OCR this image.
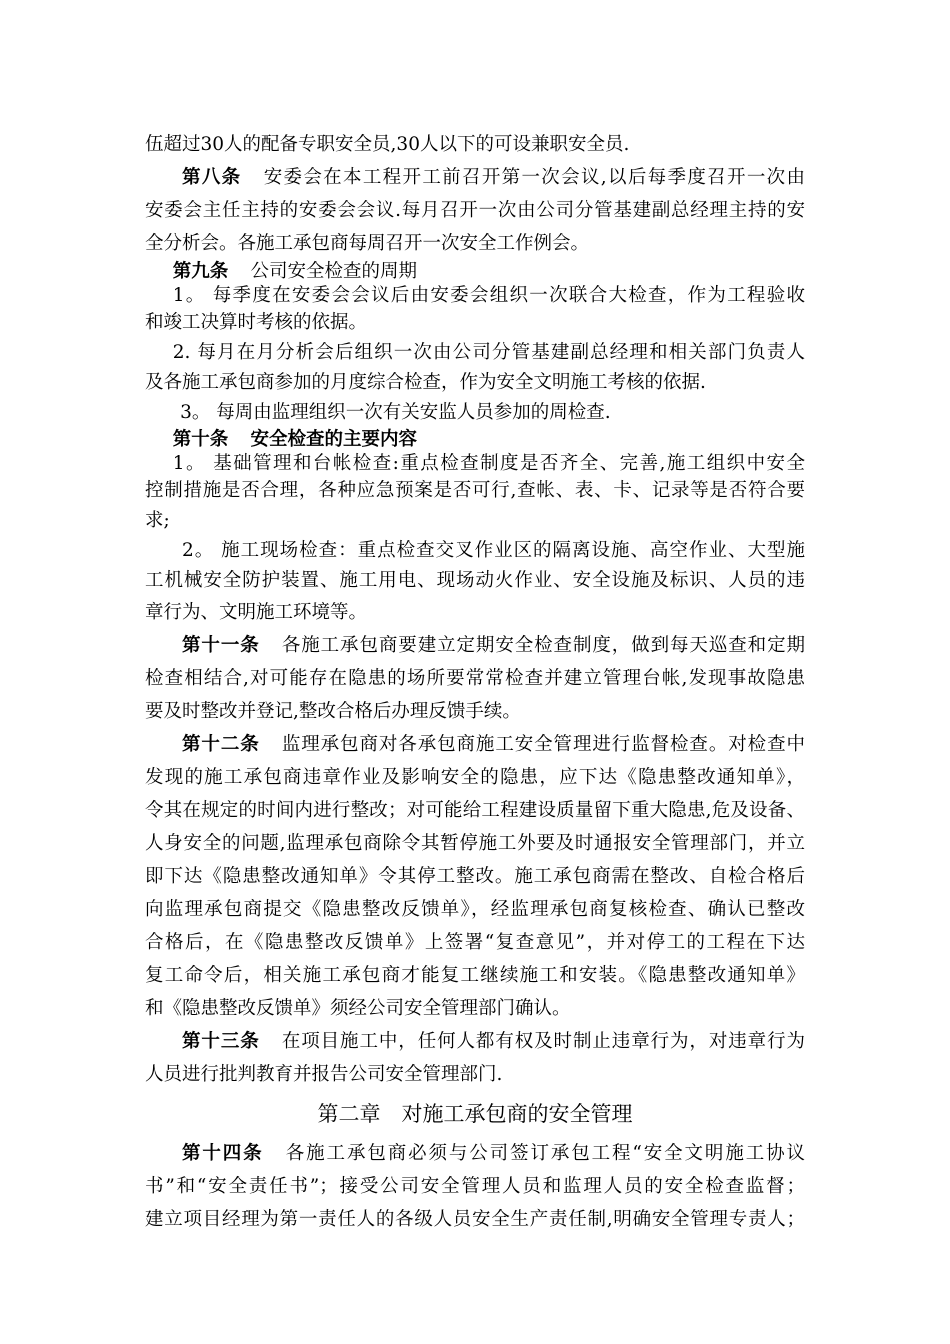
伍超过30人的配备专职安全员,30人以下的可设兼职安全员.
第八条 安委会在本工程开工前召开第一次会议,以后每季度召开一次由
安委会主任主持的安委会会议.每月召开一次由公司分管基建副总经理主持的安
全分析会。各施工承包商每周召开一次安全工作例会。
第九条 公司安全检查的周期
1。 每季度在安委会会议后由安委会组织一次联合大检查，作为工程验收
和竣工决算时考核的依据。
2. 每月在月分析会后组织一次由公司分管基建副总经理和相关部门负责人
及各施工承包商参加的月度综合检查，作为安全文明施工考核的依据.
3。 每周由监理组织一次有关安监人员参加的周检查.
第十条 安全检查的主要内容
1。 基础管理和台帐检查:重点检查制度是否齐全、完善,施工组织中安全
控制措施是否合理，各种应急预案是否可行,查帐、表、卡、记录等是否符合要
求;
2。 施工现场检查：重点检查交叉作业区的隔离设施、高空作业、大型施
工机械安全防护装置、施工用电、现场动火作业、安全设施及标识、人员的违
章行为、文明施工环境等。
第十一条 各施工承包商要建立定期安全检查制度，做到每天巡查和定期
检查相结合,对可能存在隐患的场所要常常检查并建立管理台帐,发现事故隐患
要及时整改并登记,整改合格后办理反馈手续。
第十二条 监理承包商对各承包商施工安全管理进行监督检查。对检查中
发现的施工承包商违章作业及影响安全的隐患，应下达《隐患整改通知单》，
令其在规定的时间内进行整改；对可能给工程建设质量留下重大隐患,危及设备、
人身安全的问题,监理承包商除令其暂停施工外要及时通报安全管理部门，并立
即下达《隐患整改通知单》令其停工整改。施工承包商需在整改、自检合格后
向监理承包商提交《隐患整改反馈单》，经监理承包商复核检查、确认已整改
合格后，在《隐患整改反馈单》上签署“复查意见”，并对停工的工程在下达
复工命令后，相关施工承包商才能复工继续施工和安装。《隐患整改通知单》
和《隐患整改反馈单》须经公司安全管理部门确认。
第十三条 在项目施工中，任何人都有权及时制止违章行为，对违章行为
人员进行批判教育并报告公司安全管理部门.
第二章　对施工承包商的安全管理
第十四条 各施工承包商必须与公司签订承包工程“安全文明施工协议
书”和“安全责任书”；接受公司安全管理人员和监理人员的安全检查监督；
建立项目经理为第一责任人的各级人员安全生产责任制,明确安全管理专责人；
